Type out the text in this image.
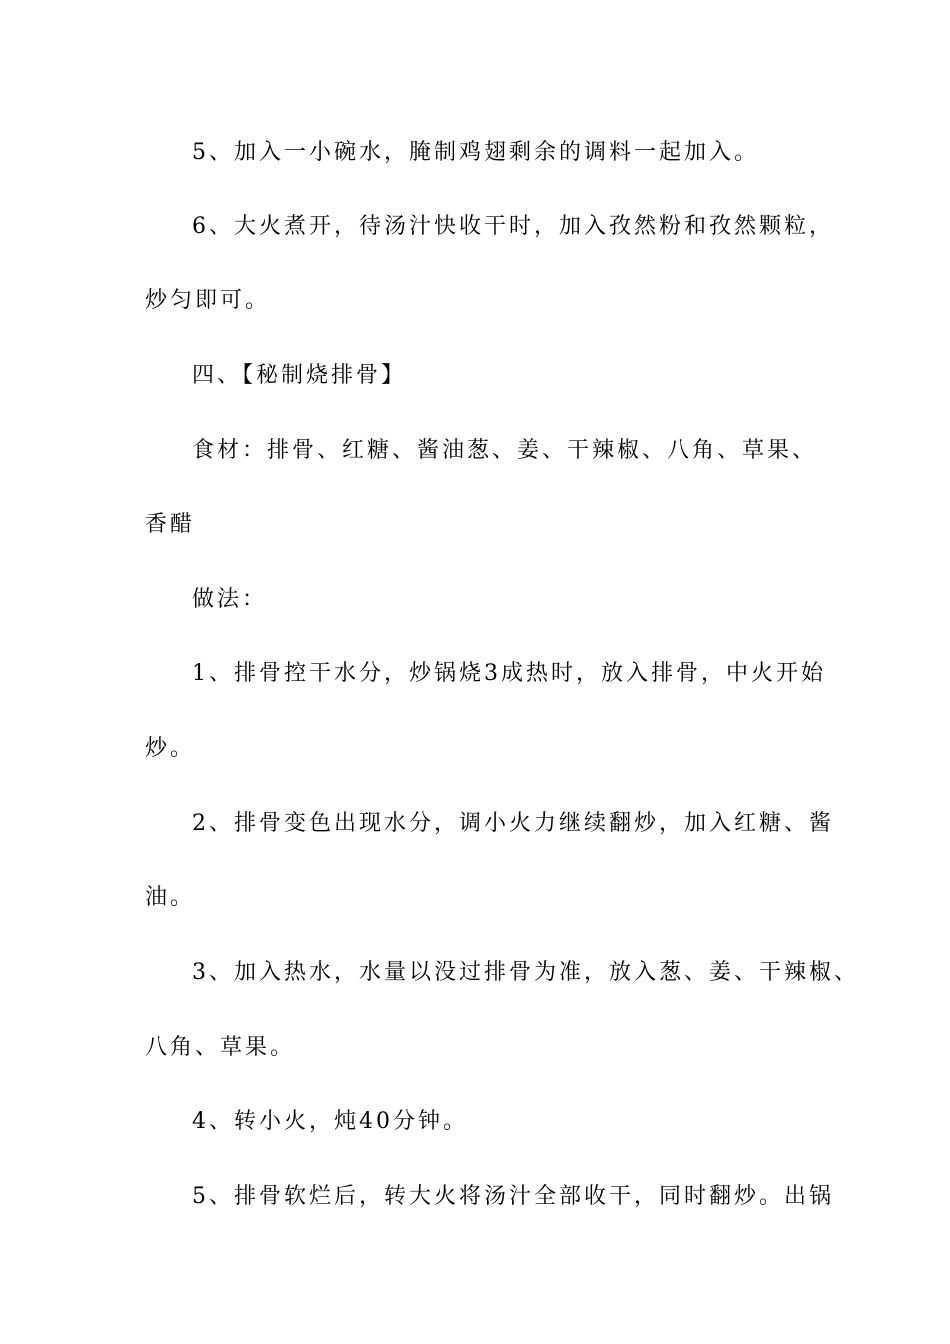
5、加入一小碗水，腌制鸡翅剩余的调料一起加入。
6、大火煮开，待汤汁快收干时，加入孜然粉和孜然颗粒，
炒匀即可。
四、【秘制烧排骨】
食材：排骨、红糖、酱油葱、姜、干辣椒、八角、草果、
香醋
做法：
1、排骨控干水分，炒锅烧3成热时，放入排骨，中火开始
炒。
2、排骨变色出现水分，调小火力继续翻炒，加入红糖、酱
油。
3、加入热水，水量以没过排骨为准，放入葱、姜、干辣椒、
八角、草果。
4、转小火，炖40分钟。
5、排骨软烂后，转大火将汤汁全部收干，同时翻炒。出锅
